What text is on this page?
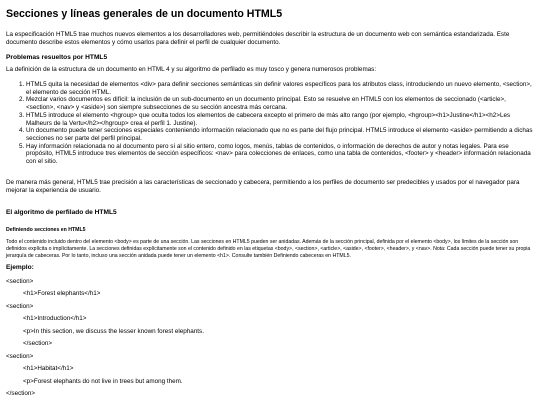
Secciones y líneas generales de un documento HTML5

La especificación HTML5 trae muchos nuevos elementos a los desarrolladores web, permitiéndoles describir la estructura de un documento web con semántica estandarizada. Este documento describe estos elementos y cómo usarlos para definir el perfil de cualquier documento.

Problemas resueltos por HTML5

La definición de la estructura de un documento en HTML 4 y su algoritmo de perfilado es muy tosco y genera numerosos problemas:

1. HTML5 quita la necesidad de elementos <div> para definir secciones semánticas sin definir valores específicos para los atributos class, introduciendo un nuevo elemento, <section>, el elemento de sección HTML.
2. Mezclar varios documentos es difícil: la inclusión de un sub-documento en un documento principal. Esto se resuelve en HTML5 con los elementos de seccionado (<article>, <section>, <nav> y <aside>) son siempre subsecciones de su sección ancestra más cercana.
3. HTML5 introduce el elemento <hgroup> que oculta todos los elementos de cabecera excepto el primero de más alto rango (por ejemplo, <hgroup><h1>Justine</h1><h2>Les Malheurs de la Vertu</h2></hgroup> crea el perfil 1. Justine).
4. Un documento puede tener secciones especiales conteniendo información relacionado que no es parte del flujo principal. HTML5 introduce el elemento <aside> permitiendo a dichas secciones no ser parte del perfil principal.
5. Hay información relacionada no al documento pero sí al sitio entero, como logos, menús, tablas de contenidos, o información de derechos de autor y notas legales. Para ese propósito, HTML5 introduce tres elementos de sección específicos: <nav> para colecciones de enlaces, como una tabla de contenidos, <footer> y <header> información relacionada con el sitio.

De manera más general, HTML5 trae precisión a las características de seccionado y cabecera, permitiendo a los perfiles de documento ser predecibles y usados por el navegador para mejorar la experiencia de usuario.

El algoritmo de perfilado de HTML5
Definiendo secciones en HTML5

Todo el contenido incluido dentro del elemento <body> es parte de una sección. Las secciones en HTML5 pueden ser anidadas. Además de la sección principal, definida por el elemento <body>, los límites de la sección son definidos explícita o implícitamente. La secciones definidas explícitamente son el contenido definido en las etiquetas <body>, <section>, <article>, <aside>, <footer>, <header>, y <nav>. Nota: Cada sección puede tener su propia jerarquía de cabeceras. Por lo tanto, incluso una sección anidada puede tener un elemento <h1>. Consulte también Definiendo cabeceras en HTML5.

Ejemplo:
<section>
<h1>Forest elephants</h1>
<section>
<h1>Introduction</h1>
<p>In this section, we discuss the lesser known forest elephants.
</section>
<section>
<h1>Habitat</h1>
<p>Forest elephants do not live in trees but among them.
</section>
